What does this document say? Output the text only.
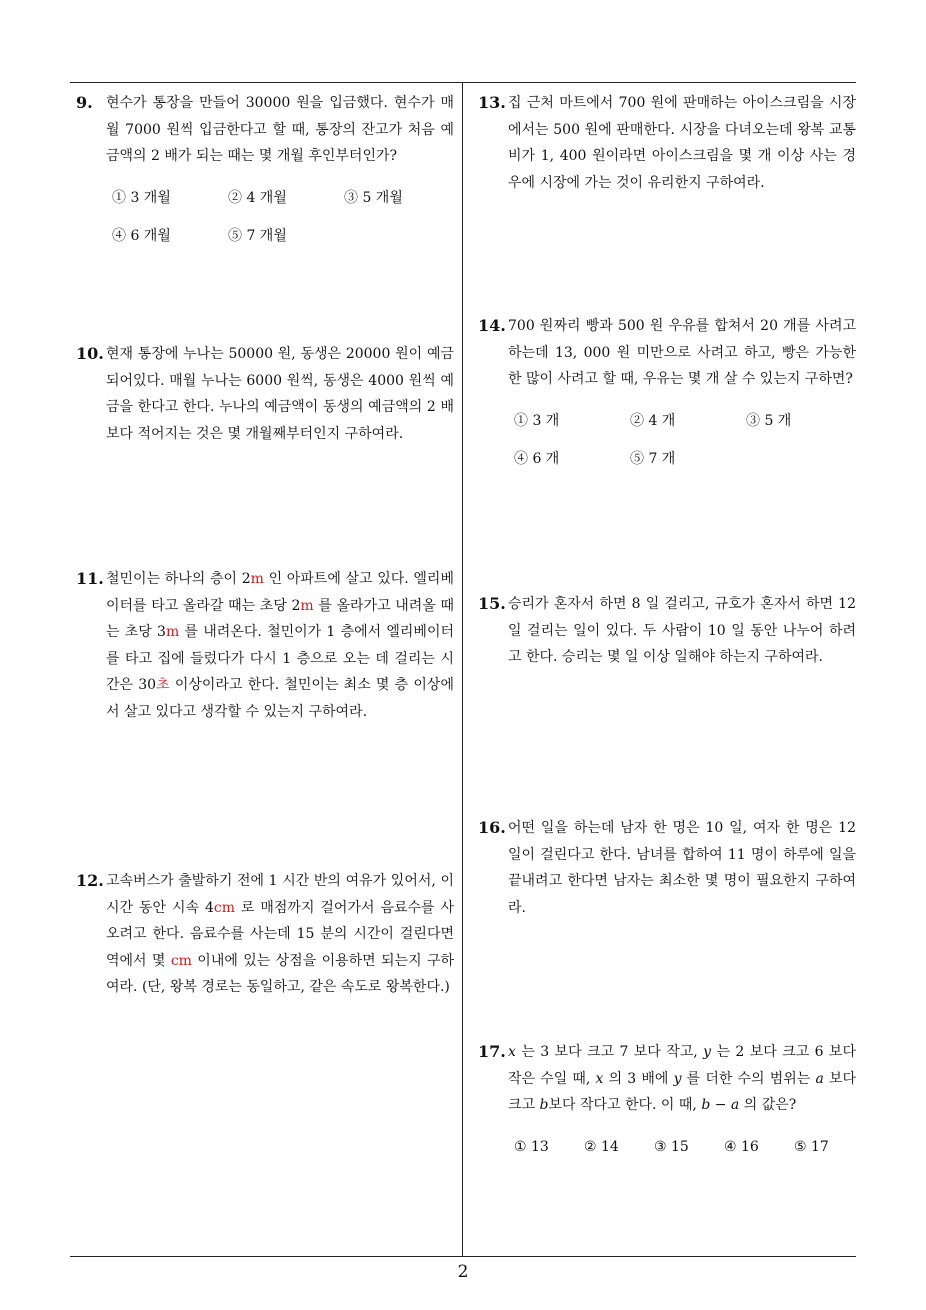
9. 현수가 통장을 만들어 30000 원을 입금했다. 현수가 매월 7000 원씩 입금한다고 할 때, 통장의 잔고가 처음 예금액의 2 배가 되는 때는 몇 개월 후인부터인가?
① 3 개월	② 4 개월	③ 5 개월
④ 6 개월	⑤ 7 개월
10. 현재 통장에 누나는 50000 원, 동생은 20000 원이 예금되어있다. 매월 누나는 6000 원씩, 동생은 4000 원씩 예금을 한다고 한다. 누나의 예금액이 동생의 예금액의 2 배보다 적어지는 것은 몇 개월째부터인지 구하여라.
11. 철민이는 하나의 층이 2m 인 아파트에 살고 있다. 엘리베이터를 타고 올라갈 때는 초당 2m 를 올라가고 내려올 때는 초당 3m 를 내려온다. 철민이가 1 층에서 엘리베이터를 타고 집에 들렀다가 다시 1 층으로 오는 데 걸리는 시간은 30초 이상이라고 한다. 철민이는 최소 몇 층 이상에서 살고 있다고 생각할 수 있는지 구하여라.
12. 고속버스가 출발하기 전에 1 시간 반의 여유가 있어서, 이 시간 동안 시속 4cm 로 매점까지 걸어가서 음료수를 사오려고 한다. 음료수를 사는데 15 분의 시간이 걸린다면 역에서 몇 cm 이내에 있는 상점을 이용하면 되는지 구하여라. (단, 왕복 경로는 동일하고, 같은 속도로 왕복한다.)
13. 집 근처 마트에서 700 원에 판매하는 아이스크림을 시장에서는 500 원에 판매한다. 시장을 다녀오는데 왕복 교통비가 1, 400 원이라면 아이스크림을 몇 개 이상 사는 경우에 시장에 가는 것이 유리한지 구하여라.
14. 700 원짜리 빵과 500 원 우유를 합쳐서 20 개를 사려고 하는데 13, 000 원 미만으로 사려고 하고, 빵은 가능한 한 많이 사려고 할 때, 우유는 몇 개 살 수 있는지 구하면?
① 3 개	② 4 개	③ 5 개
④ 6 개	⑤ 7 개
15. 승리가 혼자서 하면 8 일 걸리고, 규호가 혼자서 하면 12 일 걸리는 일이 있다. 두 사람이 10 일 동안 나누어 하려고 한다. 승리는 몇 일 이상 일해야 하는지 구하여라.
16. 어떤 일을 하는데 남자 한 명은 10 일, 여자 한 명은 12 일이 걸린다고 한다. 남녀를 합하여 11 명이 하루에 일을 끝내려고 한다면 남자는 최소한 몇 명이 필요한지 구하여라.
17. x 는 3 보다 크고 7 보다 작고, y 는 2 보다 크고 6 보다 작은 수일 때, x 의 3 배에 y 를 더한 수의 범위는 a 보다 크고 b보다 작다고 한다. 이 때, b − a 의 값은?
① 13	② 14	③ 15	④ 16	⑤ 17
2
